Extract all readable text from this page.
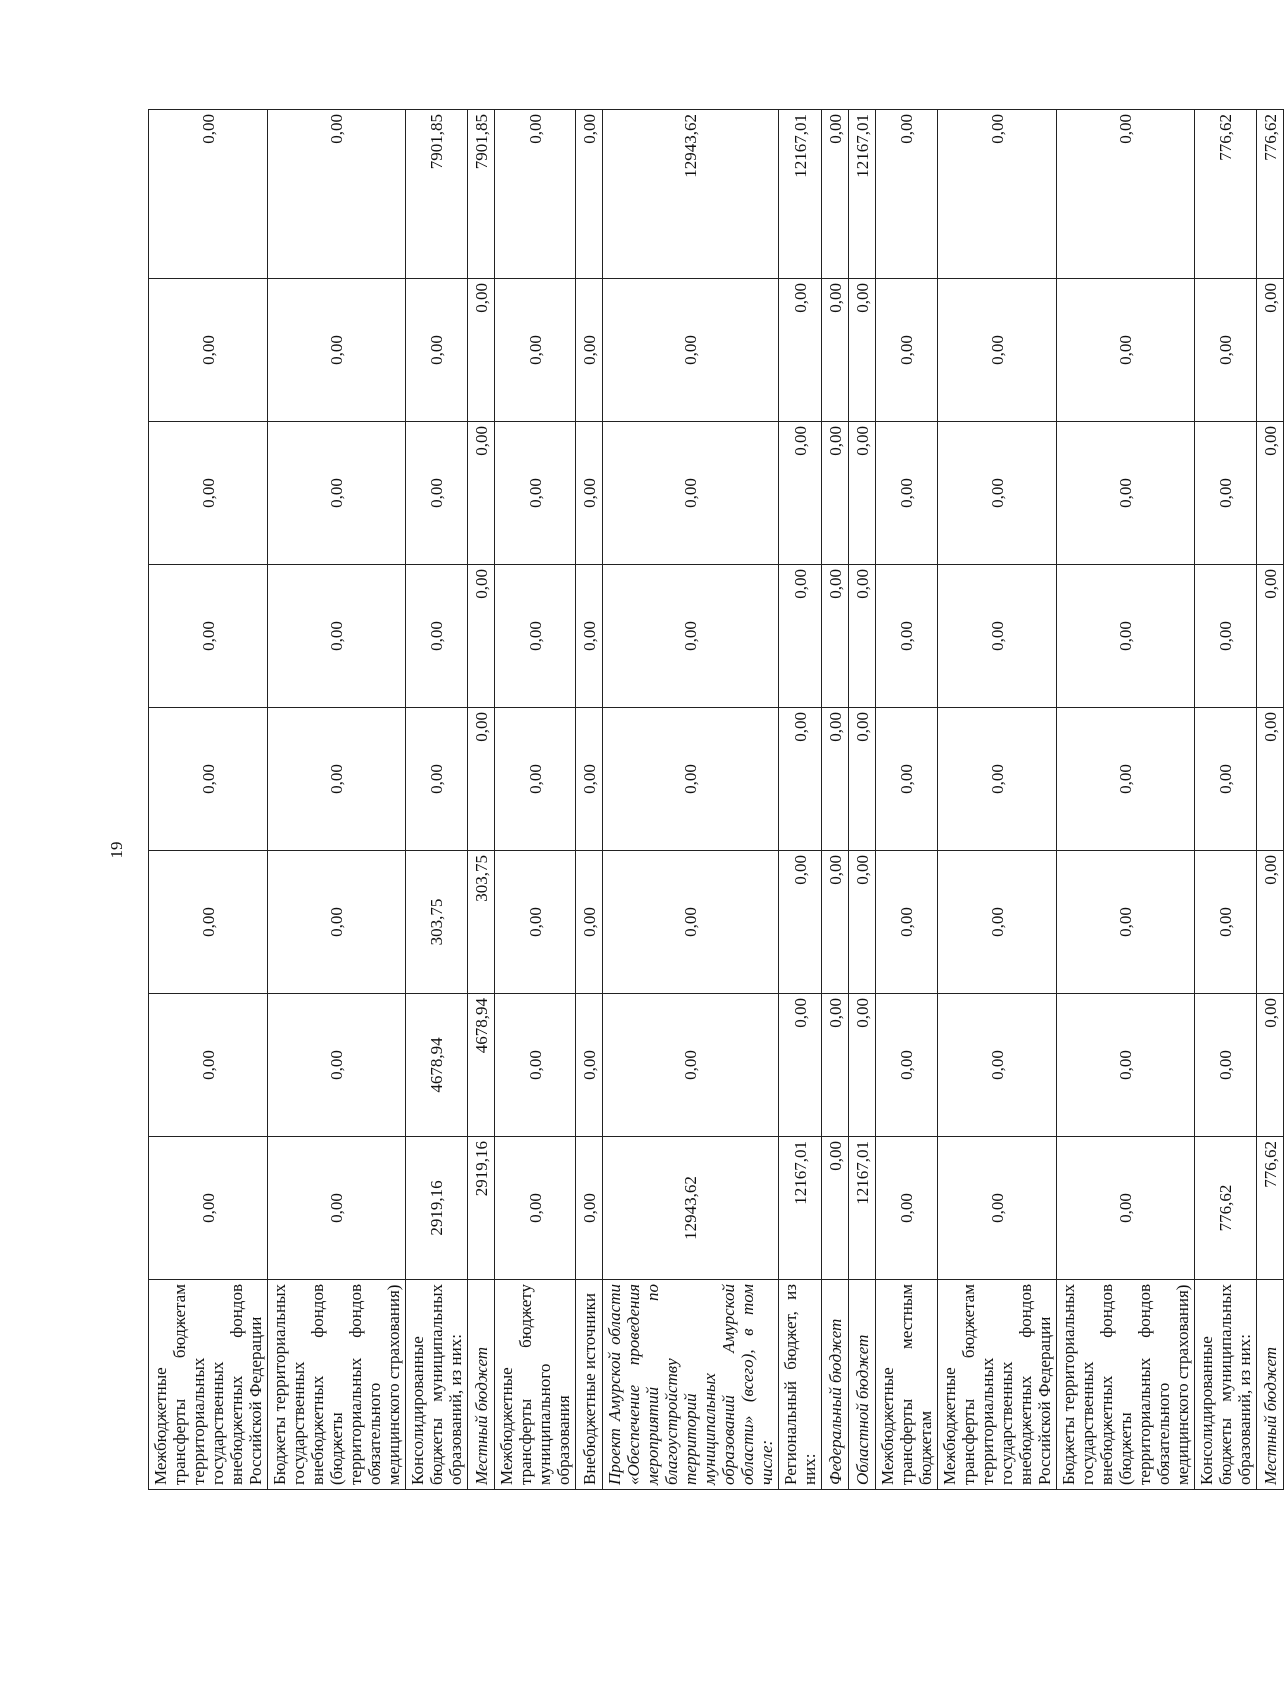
19
Межбюджетные трансферты бюджетам территориальных государственных внебюджетных фондов Российской Федерации	0,00	0,00	0,00	0,00	0,00	0,00	0,00	0,00
Бюджеты территориальных государственных внебюджетных фондов (бюджеты территориальных фондов обязательного медицинского страхования)	0,00	0,00	0,00	0,00	0,00	0,00	0,00	0,00
Консолидированные бюджеты муниципальных образований, из них:	2919,16	4678,94	303,75	0,00	0,00	0,00	0,00	7901,85
Местный бюджет	2919,16	4678,94	303,75	0,00	0,00	0,00	0,00	7901,85
Межбюджетные трансферты бюджету муниципального образования	0,00	0,00	0,00	0,00	0,00	0,00	0,00	0,00
Внебюджетные источники	0,00	0,00	0,00	0,00	0,00	0,00	0,00	0,00
Проект Амурской области «Обеспечение проведения мероприятий по благоустройству территорий муниципальных образований Амурской области» (всего), в том числе:	12943,62	0,00	0,00	0,00	0,00	0,00	0,00	12943,62
Региональный бюджет, из них:	12167,01	0,00	0,00	0,00	0,00	0,00	0,00	12167,01
Федеральный бюджет	0,00	0,00	0,00	0,00	0,00	0,00	0,00	0,00
Областной бюджет	12167,01	0,00	0,00	0,00	0,00	0,00	0,00	12167,01
Межбюджетные трансферты местным бюджетам	0,00	0,00	0,00	0,00	0,00	0,00	0,00	0,00
Межбюджетные трансферты бюджетам территориальных государственных внебюджетных фондов Российской Федерации	0,00	0,00	0,00	0,00	0,00	0,00	0,00	0,00
Бюджеты территориальных государственных внебюджетных фондов (бюджеты территориальных фондов обязательного медицинского страхования)	0,00	0,00	0,00	0,00	0,00	0,00	0,00	0,00
Консолидированные бюджеты муниципальных образований, из них:	776,62	0,00	0,00	0,00	0,00	0,00	0,00	776,62
Местный бюджет	776,62	0,00	0,00	0,00	0,00	0,00	0,00	776,62
